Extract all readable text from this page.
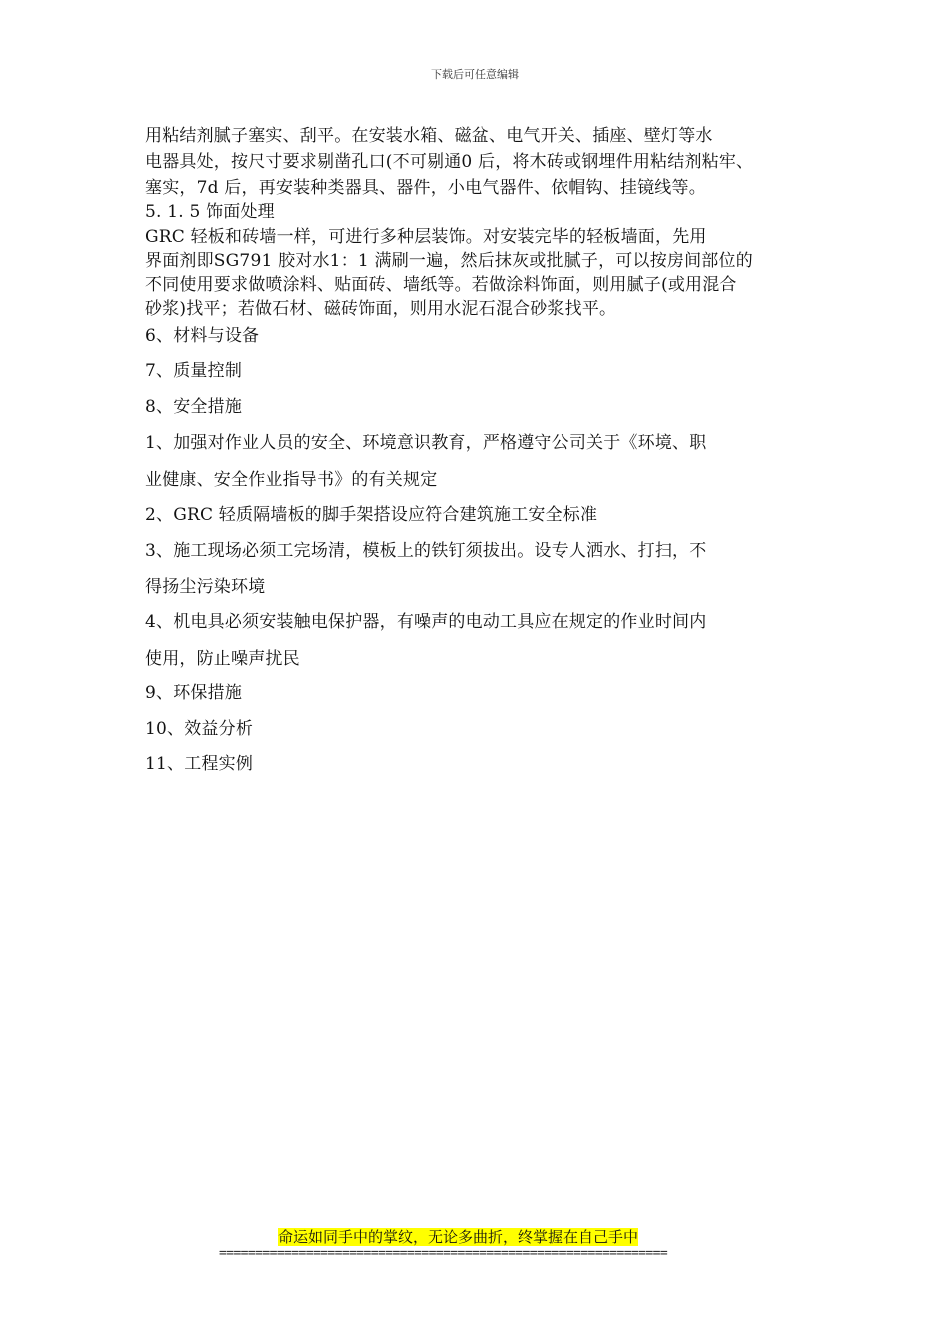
下载后可任意编辑
用粘结剂腻子塞实、刮平。在安装水箱、磁盆、电气开关、插座、壁灯等水
电器具处，按尺寸要求剔凿孔口(不可剔通0 后，将木砖或钢埋件用粘结剂粘牢、
塞实，7d 后，再安装种类器具、器件，小电气器件、依帽钩、挂镜线等。
5. 1. 5 饰面处理
GRC 轻板和砖墙一样，可进行多种层装饰。对安装完毕的轻板墙面，先用
界面剂即SG791 胶对水1：1 满刷一遍，然后抹灰或批腻子，可以按房间部位的
不同使用要求做喷涂料、贴面砖、墙纸等。若做涂料饰面，则用腻子(或用混合
砂浆)找平；若做石材、磁砖饰面，则用水泥石混合砂浆找平。
6、材料与设备
7、质量控制
8、安全措施
1、加强对作业人员的安全、环境意识教育，严格遵守公司关于《环境、职
业健康、安全作业指导书》的有关规定
2、GRC 轻质隔墙板的脚手架搭设应符合建筑施工安全标准
3、施工现场必须工完场清，模板上的铁钉须拔出。设专人洒水、打扫，不
得扬尘污染环境
4、机电具必须安装触电保护器，有噪声的电动工具应在规定的作业时间内
使用，防止噪声扰民
9、环保措施
10、效益分析
11、工程实例
命运如同手中的掌纹，无论多曲折，终掌握在自己手中
==============================================================
